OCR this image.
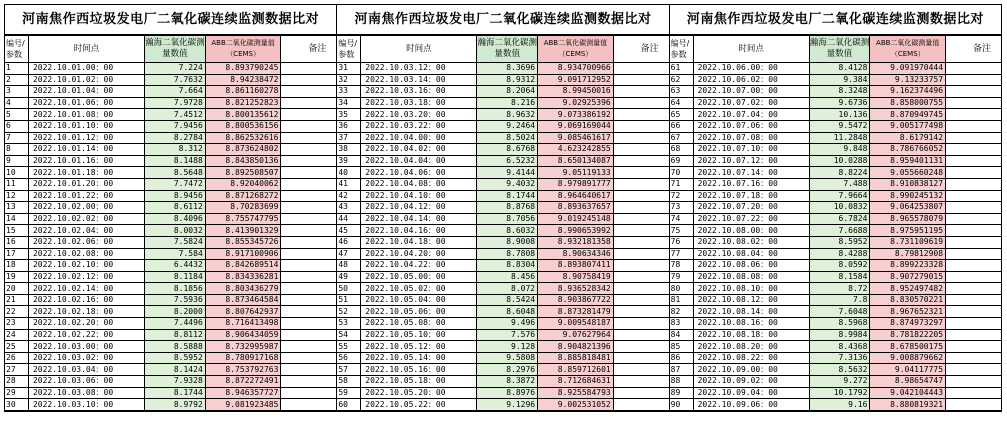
河南焦作西垃圾发电厂二氧化碳连续监测数据比对
编号/参数	时间点	瀚海二氧化碳测量数值	ABB二氧化碳测量值（CEMS）	备注
1	2022.10.01.00：00	7.224	8.893790245	
2	2022.10.01.02：00	7.7632	8.94238472	
3	2022.10.01.04：00	7.664	8.861160278	
4	2022.10.01.06：00	7.9728	8.821252823	
5	2022.10.01.08：00	7.4512	8.800135612	
6	2022.10.01.10：00	7.9456	8.800536156	
7	2022.10.01.12：00	8.2784	8.862532616	
8	2022.10.01.14：00	8.312	8.873624802	
9	2022.10.01.16：00	8.1488	8.843850136	
10	2022.10.01.18：00	8.5648	8.892508507	
11	2022.10.01.20：00	7.7472	8.92040062	
12	2022.10.01.22：00	8.9456	8.871268272	
13	2022.10.02.00：00	8.6112	8.70283699	
14	2022.10.02.02：00	8.4096	8.755747795	
15	2022.10.02.04：00	8.0032	8.413901329	
16	2022.10.02.06：00	7.5824	8.855345726	
17	2022.10.02.08：00	7.584	8.917100906	
18	2022.10.02.10：00	6.4432	8.842689514	
19	2022.10.02.12：00	8.1184	8.834336281	
20	2022.10.02.14：00	8.1856	8.803436279	
21	2022.10.02.16：00	7.5936	8.873464584	
22	2022.10.02.18：00	8.2000	8.807642937	
23	2022.10.02.20：00	7.4496	8.716413498	
24	2022.10.02.22：00	8.8112	8.906434059	
25	2022.10.03.00：00	8.5888	8.732995987	
26	2022.10.03.02：00	8.5952	8.780917168	
27	2022.10.03.04：00	8.1424	8.753792763	
28	2022.10.03.06：00	7.9328	8.872272491	
29	2022.10.03.08：00	8.1744	8.946357727	
30	2022.10.03.10：00	8.9792	9.081923485	
河南焦作西垃圾发电厂二氧化碳连续监测数据比对
编号/参数	时间点	瀚海二氧化碳测量数值	ABB二氧化碳测量值（CEMS）	备注
31	2022.10.03.12：00	8.3696	8.934700966	
32	2022.10.03.14：00	8.9312	9.091712952	
33	2022.10.03.16：00	8.2064	8.99450016	
34	2022.10.03.18：00	8.216	9.02925396	
35	2022.10.03.20：00	8.9632	9.073386192	
36	2022.10.03.22：00	9.2464	9.069169044	
37	2022.10.04.00：00	8.5024	9.085461617	
38	2022.10.04.02：00	8.6768	4.623242855	
39	2022.10.04.04：00	6.5232	8.650134087	
40	2022.10.04.06：00	9.4144	9.05119133	
41	2022.10.04.08：00	9.4032	8.979891777	
42	2022.10.04.10：00	8.1744	8.964640617	
43	2022.10.04.12：00	8.8768	8.893637657	
44	2022.10.04.14：00	8.7056	9.019245148	
45	2022.10.04.16：00	8.6032	8.990653992	
46	2022.10.04.18：00	8.9008	8.932181358	
47	2022.10.04.20：00	8.7808	8.90634346	
48	2022.10.04.22：00	8.8304	8.893807411	
49	2022.10.05.00：00	8.456	8.90758419	
50	2022.10.05.02：00	8.072	8.936528342	
51	2022.10.05.04：00	8.5424	8.903867722	
52	2022.10.05.06：00	8.6048	8.873281479	
53	2022.10.05.08：00	9.496	9.009548187	
54	2022.10.05.10：00	7.576	9.07627964	
55	2022.10.05.12：00	9.128	8.904821396	
56	2022.10.05.14：00	9.5808	8.885818481	
57	2022.10.05.16：00	8.2976	8.859712601	
58	2022.10.05.18：00	8.3872	8.712684631	
59	2022.10.05.20：00	8.8976	8.925584793	
60	2022.10.05.22：00	9.1296	9.002531052	
河南焦作西垃圾发电厂二氧化碳连续监测数据比对
编号/参数	时间点	瀚海二氧化碳测量数值	ABB二氧化碳测量值（CEMS）	备注
61	2022.10.06.00：00	8.4128	9.091970444	
62	2022.10.06.02：00	9.384	9.13233757	
63	2022.10.07.00：00	8.3248	9.162374496	
64	2022.10.07.02：00	9.6736	8.858000755	
65	2022.10.07.04：00	10.136	8.870949745	
66	2022.10.07.06：00	9.5472	9.005177498	
67	2022.10.07.08：00	11.2848	8.6179142	
68	2022.10.07.10：00	9.848	8.786766052	
69	2022.10.07.12：00	10.0288	8.959401131	
70	2022.10.07.14：00	8.8224	9.055660248	
71	2022.10.07.16：00	7.488	8.910838127	
72	2022.10.07.18：00	7.9664	8.990245132	
73	2022.10.07.20：00	10.0832	9.064253807	
74	2022.10.07.22：00	6.7824	8.965578079	
75	2022.10.08.00：00	7.6688	8.975951195	
76	2022.10.08.02：00	8.5952	8.731109619	
77	2022.10.08.04：00	8.4288	8.79812908	
78	2022.10.08.06：00	8.0592	8.899223328	
79	2022.10.08.08：00	8.1584	8.907279015	
80	2022.10.08.10：00	8.72	8.952497482	
81	2022.10.08.12：00	7.8	8.830570221	
82	2022.10.08.14：00	7.6048	8.967652321	
83	2022.10.08.16：00	8.5968	8.874973297	
84	2022.10.08.18：00	8.9984	8.781822205	
85	2022.10.08.20：00	8.4368	8.678500175	
86	2022.10.08.22：00	7.3136	9.008879662	
87	2022.10.09.00：00	8.5632	9.04117775	
88	2022.10.09.02：00	9.272	8.98654747	
89	2022.10.09.04：00	10.1792	9.042104443	
90	2022.10.09.06：00	9.16	8.880819321	
